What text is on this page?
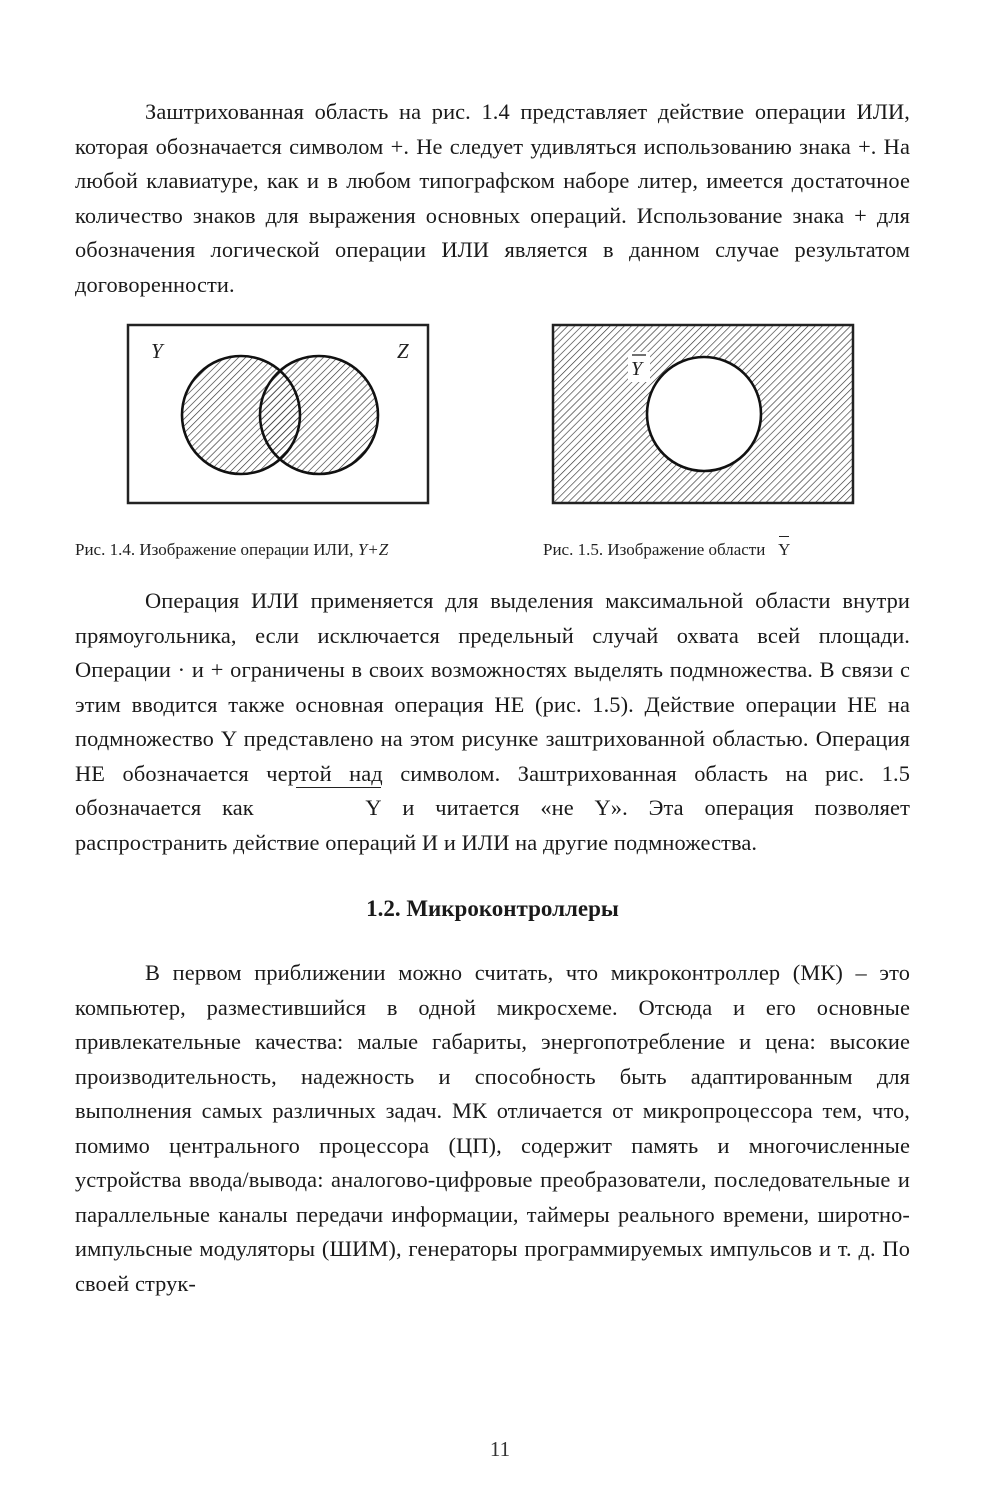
Заштрихованная область на рис. 1.4 представляет действие операции ИЛИ, которая обозначается символом +. Не следует удивляться использованию знака +. На любой клавиатуре, как и в любом типографском наборе литер, имеется достаточное количество знаков для выражения основных операций. Использование знака + для обозначения логической операции ИЛИ является в данном случае результатом договоренности.

Y	Z
Y
Рис. 1.4. Изображение операции ИЛИ, Y+Z	Рис. 1.5. Изображение области Y

Операция ИЛИ применяется для выделения максимальной области внутри прямоугольника, если исключается предельный случай охвата всей площади. Операции · и + ограничены в своих возможностях выделять подмножества. В связи с этим вводится также основная операция НЕ (рис. 1.5). Действие операции НЕ на подмножество Y представлено на этом рисунке заштрихованной областью. Операция НЕ обозначается чертой над символом. Заштрихованная область на рис. 1.5 обозначается как	Y и читается «не Y». Эта операция позволяет распространить действие операций И и ИЛИ на другие подмножества.

1.2. Микроконтроллеры

В первом приближении можно считать, что микроконтроллер (МК) – это компьютер, разместившийся в одной микросхеме. Отсюда и его основные привлекательные качества: малые габариты, энергопотребление и цена: высокие производительность, надежность и способность быть адаптированным для выполнения самых различных задач. МК отличается от микропроцессора тем, что, помимо центрального процессора (ЦП), содержит память и многочисленные устройства ввода/вывода: аналогово-цифровые преобразователи, последовательные и параллельные каналы передачи информации, таймеры реального времени, широтно-импульсные модуляторы (ШИМ), генераторы программируемых импульсов и т. д. По своей струк-

11
